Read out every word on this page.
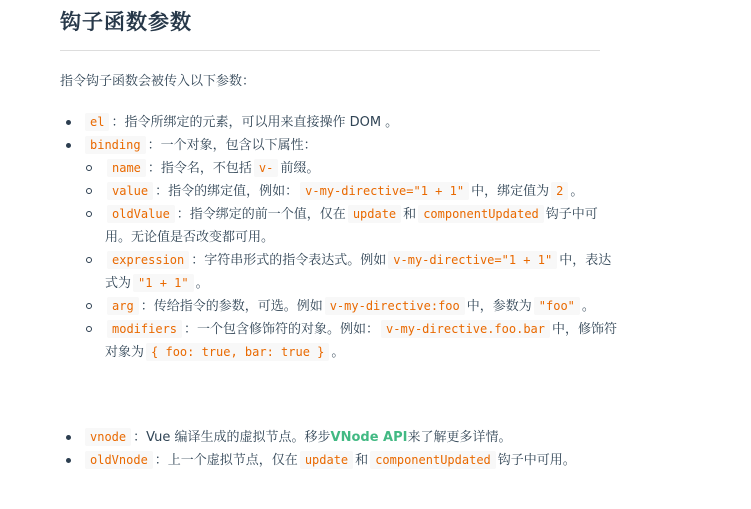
钩子函数参数

指令钩子函数会被传入以下参数：

el ：指令所绑定的元素，可以用来直接操作 DOM 。
binding ：一个对象，包含以下属性：
name ：指令名，不包括 v- 前缀。
value ：指令的绑定值，例如： v-my-directive="1 + 1" 中，绑定值为 2 。
oldValue ：指令绑定的前一个值，仅在 update 和 componentUpdated 钩子中可用。无论值是否改变都可用。
expression ：字符串形式的指令表达式。例如 v-my-directive="1 + 1" 中，表达式为 "1 + 1" 。
arg ：传给指令的参数，可选。例如 v-my-directive:foo 中，参数为 "foo" 。
modifiers ：一个包含修饰符的对象。例如： v-my-directive.foo.bar 中，修饰符对象为 { foo: true, bar: true } 。
vnode ：Vue 编译生成的虚拟节点。移步VNode API来了解更多详情。
oldVnode ：上一个虚拟节点，仅在 update 和 componentUpdated 钩子中可用。
